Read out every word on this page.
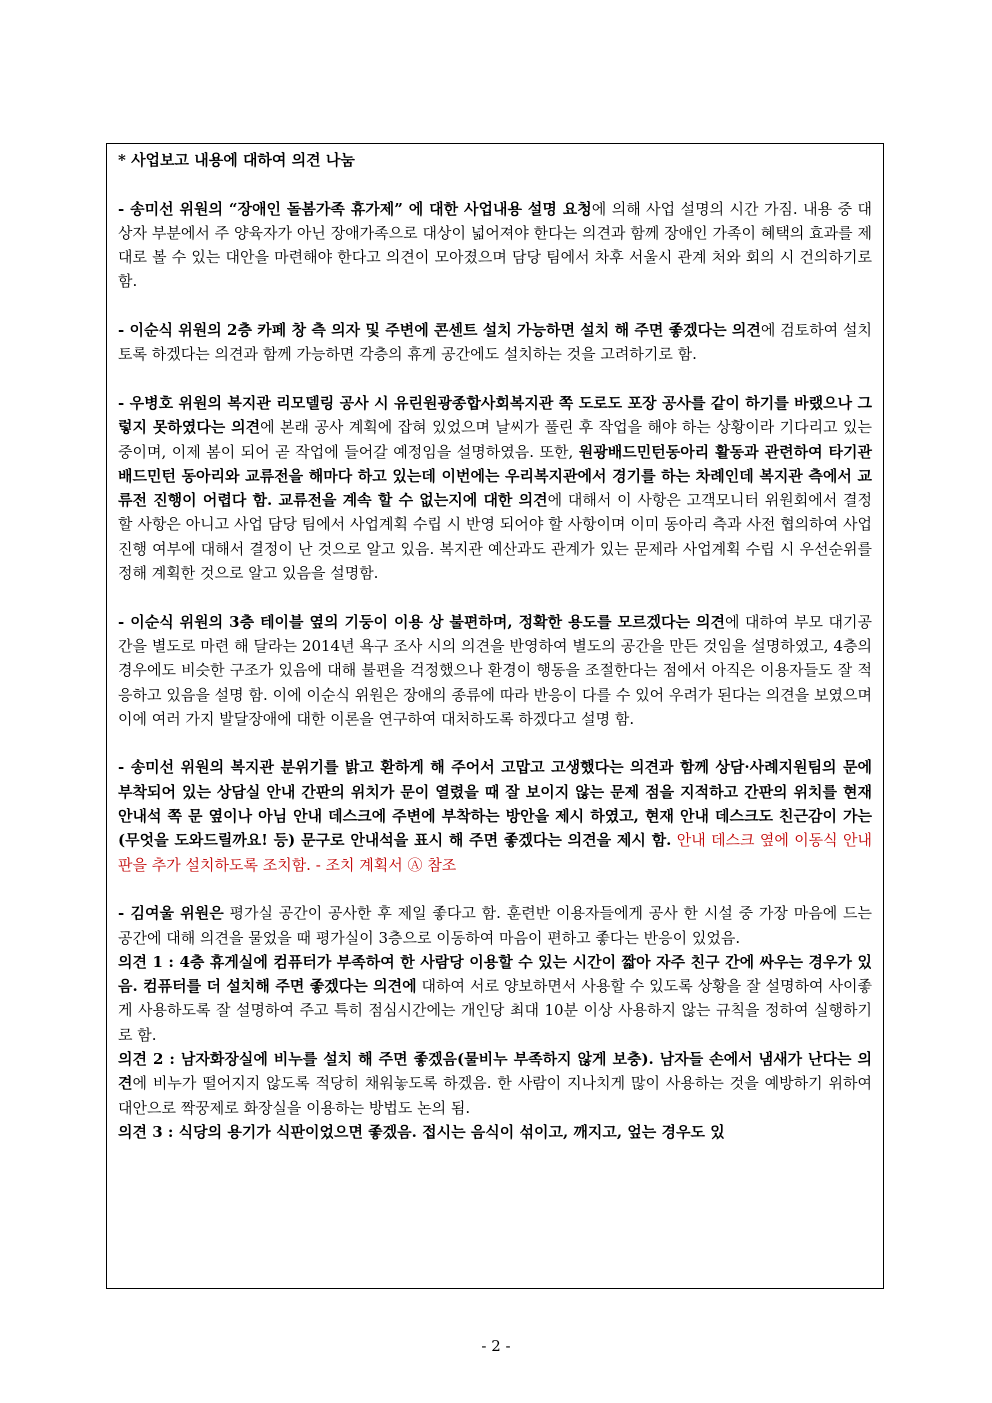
* 사업보고 내용에 대하여 의견 나눔

- 송미선 위원의 “장애인 돌봄가족 휴가제” 에 대한 사업내용 설명 요청에 의해 사업 설명의 시간 가짐. 내용 중 대상자 부분에서 주 양육자가 아닌 장애가족으로 대상이 넓어져야 한다는 의견과 함께 장애인 가족이 혜택의 효과를 제대로 볼 수 있는 대안을 마련해야 한다고 의견이 모아졌으며 담당 팀에서 차후 서울시 관계 처와 회의 시 건의하기로 함.

- 이순식 위원의 2층 카페 창 측 의자 및 주변에 콘센트 설치 가능하면 설치 해 주면 좋겠다는 의견에 검토하여 설치토록 하겠다는 의견과 함께 가능하면 각층의 휴게 공간에도 설치하는 것을 고려하기로 함.

- 우병호 위원의 복지관 리모델링 공사 시 유린원광종합사회복지관 쪽 도로도 포장 공사를 같이 하기를 바랬으나 그렇지 못하였다는 의견에 본래 공사 계획에 잡혀 있었으며 날씨가 풀린 후 작업을 해야 하는 상황이라 기다리고 있는 중이며, 이제 봄이 되어 곧 작업에 들어갈 예정임을 설명하였음. 또한, 원광배드민턴동아리 활동과 관련하여 타기관 배드민턴 동아리와 교류전을 해마다 하고 있는데 이번에는 우리복지관에서 경기를 하는 차례인데 복지관 측에서 교류전 진행이 어렵다 함. 교류전을 계속 할 수 없는지에 대한 의견에 대해서 이 사항은 고객모니터 위원회에서 결정 할 사항은 아니고 사업 담당 팀에서 사업계획 수립 시 반영 되어야 할 사항이며 이미 동아리 측과 사전 협의하여 사업 진행 여부에 대해서 결정이 난 것으로 알고 있음. 복지관 예산과도 관계가 있는 문제라 사업계획 수립 시 우선순위를 정해 계획한 것으로 알고 있음을 설명함.

- 이순식 위원의 3층 테이블 옆의 기둥이 이용 상 불편하며, 정확한 용도를 모르겠다는 의견에 대하여 부모 대기공간을 별도로 마련 해 달라는 2014년 욕구 조사 시의 의견을 반영하여 별도의 공간을 만든 것임을 설명하였고, 4층의 경우에도 비슷한 구조가 있음에 대해 불편을 걱정했으나 환경이 행동을 조절한다는 점에서 아직은 이용자들도 잘 적응하고 있음을 설명 함. 이에 이순식 위원은 장애의 종류에 따라 반응이 다를 수 있어 우려가 된다는 의견을 보였으며 이에 여러 가지 발달장애에 대한 이론을 연구하여 대처하도록 하겠다고 설명 함.

- 송미선 위원의 복지관 분위기를 밝고 환하게 해 주어서 고맙고 고생했다는 의견과 함께 상담·사례지원팀의 문에 부착되어 있는 상담실 안내 간판의 위치가 문이 열렸을 때 잘 보이지 않는 문제 점을 지적하고 간판의 위치를 현재 안내석 쪽 문 옆이나 아님 안내 데스크에 주변에 부착하는 방안을 제시 하였고, 현재 안내 데스크도 친근감이 가는(무엇을 도와드릴까요! 등) 문구로 안내석을 표시 해 주면 좋겠다는 의견을 제시 함. 안내 데스크 옆에 이동식 안내판을 추가 설치하도록 조치함. - 조치 계획서 Ⓐ 참조

- 김여울 위원은 평가실 공간이 공사한 후 제일 좋다고 함. 훈련반 이용자들에게 공사 한 시설 중 가장 마음에 드는 공간에 대해 의견을 물었을 때 평가실이 3층으로 이동하여 마음이 편하고 좋다는 반응이 있었음.

의견 1 : 4층 휴게실에 컴퓨터가 부족하여 한 사람당 이용할 수 있는 시간이 짧아 자주 친구 간에 싸우는 경우가 있음. 컴퓨터를 더 설치해 주면 좋겠다는 의견에 대하여 서로 양보하면서 사용할 수 있도록 상황을 잘 설명하여 사이좋게 사용하도록 잘 설명하여 주고 특히 점심시간에는 개인당 최대 10분 이상 사용하지 않는 규칙을 정하여 실행하기로 함.

의견 2 : 남자화장실에 비누를 설치 해 주면 좋겠음(물비누 부족하지 않게 보충). 남자들 손에서 냄새가 난다는 의견에 비누가 떨어지지 않도록 적당히 채워놓도록 하겠음. 한 사람이 지나치게 많이 사용하는 것을 예방하기 위하여 대안으로 짝꿍제로 화장실을 이용하는 방법도 논의 됨.

의견 3 : 식당의 용기가 식판이었으면 좋겠음. 접시는 음식이 섞이고, 깨지고, 엎는 경우도 있

- 2 -
